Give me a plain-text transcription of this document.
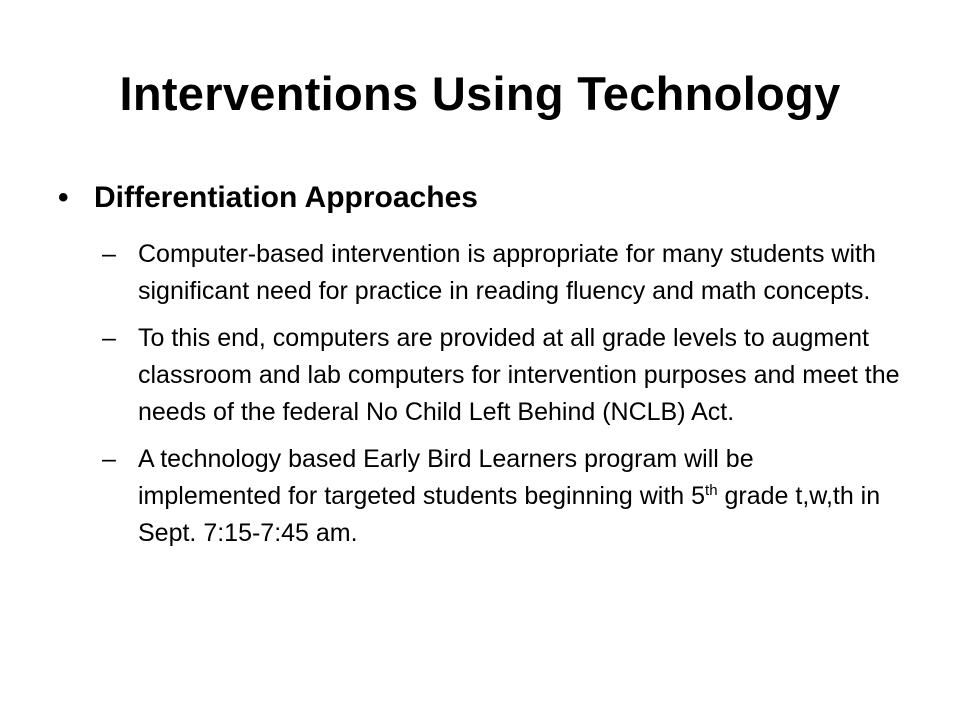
Interventions Using Technology
• Differentiation Approaches
– Computer-based intervention is appropriate for many students with significant need for practice in reading fluency and math concepts.
– To this end, computers are provided at all grade levels to augment classroom and lab computers for intervention purposes and meet the needs of the federal No Child Left Behind (NCLB) Act.
– A technology based Early Bird Learners program will be implemented for targeted students beginning with 5th grade t,w,th in Sept. 7:15-7:45 am.
